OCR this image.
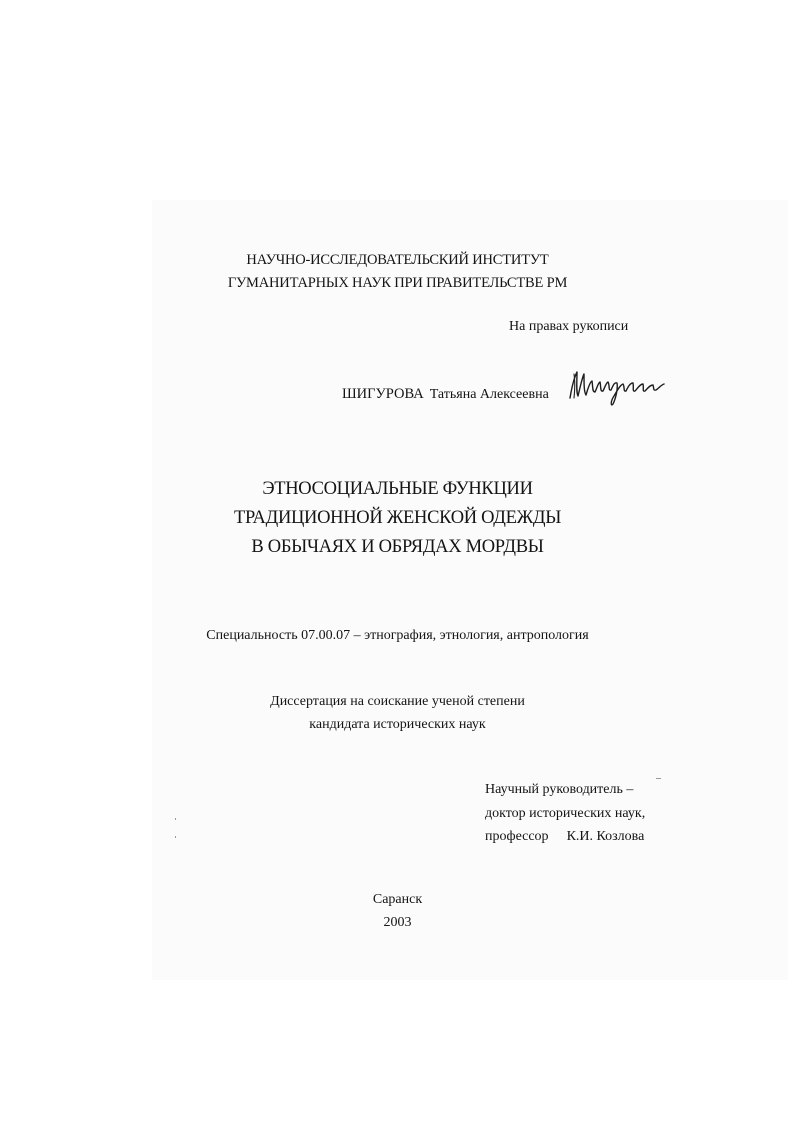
НАУЧНО-ИССЛЕДОВАТЕЛЬСКИЙ ИНСТИТУТ
ГУМАНИТАРНЫХ НАУК ПРИ ПРАВИТЕЛЬСТВЕ РМ
На правах рукописи
ШИГУРОВА Татьяна Алексеевна
ЭТНОСОЦИАЛЬНЫЕ ФУНКЦИИ
ТРАДИЦИОННОЙ ЖЕНСКОЙ ОДЕЖДЫ
В ОБЫЧАЯХ И ОБРЯДАХ МОРДВЫ
Специальность 07.00.07 – этнография, этнология, антропология
Диссертация на соискание ученой степени
кандидата исторических наук
Научный руководитель –
доктор исторических наук,
профессор К.И. Козлова
Саранск
2003
